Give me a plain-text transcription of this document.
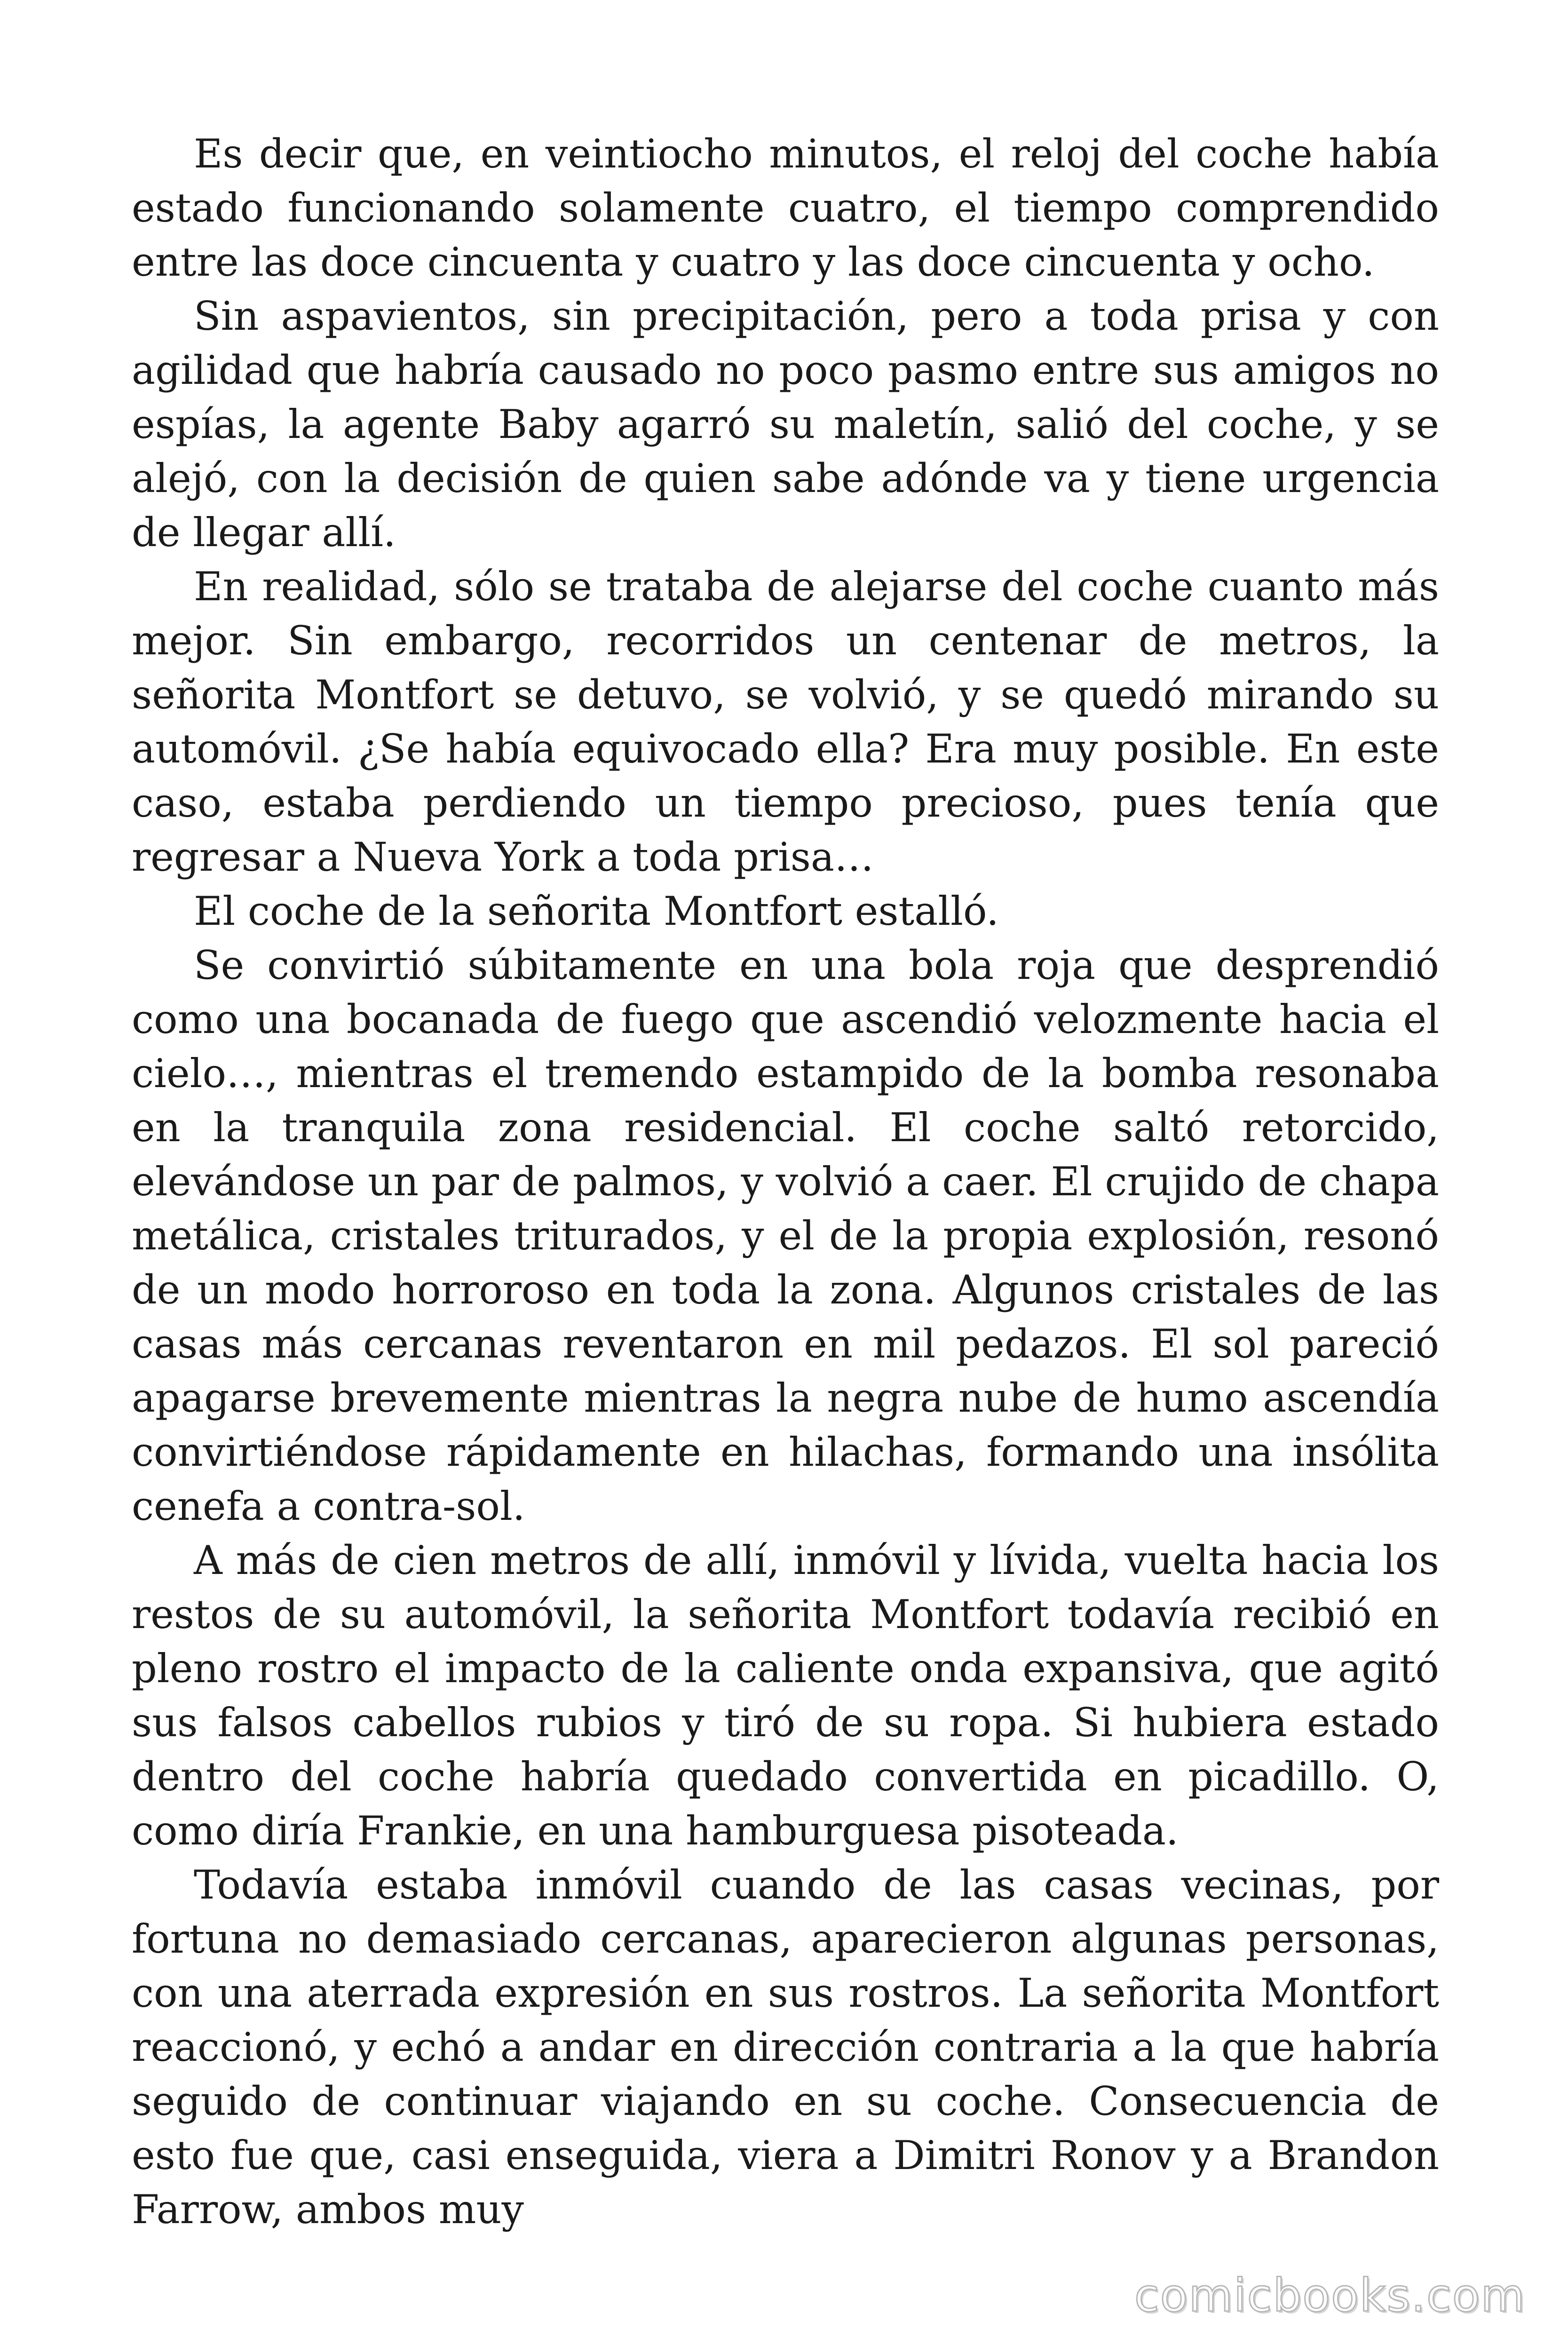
Es decir que, en veintiocho minutos, el reloj del coche había estado funcionando solamente cuatro, el tiempo comprendido entre las doce cincuenta y cuatro y las doce cincuenta y ocho.

Sin aspavientos, sin precipitación, pero a toda prisa y con agilidad que habría causado no poco pasmo entre sus amigos no espías, la agente Baby agarró su maletín, salió del coche, y se alejó, con la decisión de quien sabe adónde va y tiene urgencia de llegar allí.

En realidad, sólo se trataba de alejarse del coche cuanto más mejor. Sin embargo, recorridos un centenar de metros, la señorita Montfort se detuvo, se volvió, y se quedó mirando su automóvil. ¿Se había equivocado ella? Era muy posible. En este caso, estaba perdiendo un tiempo precioso, pues tenía que regresar a Nueva York a toda prisa…

El coche de la señorita Montfort estalló.

Se convirtió súbitamente en una bola roja que desprendió como una bocanada de fuego que ascendió velozmente hacia el cielo…, mientras el tremendo estampido de la bomba resonaba en la tranquila zona residencial. El coche saltó retorcido, elevándose un par de palmos, y volvió a caer. El crujido de chapa metálica, cristales triturados, y el de la propia explosión, resonó de un modo horroroso en toda la zona. Algunos cristales de las casas más cercanas reventaron en mil pedazos. El sol pareció apagarse brevemente mientras la negra nube de humo ascendía convirtiéndose rápidamente en hilachas, formando una insólita cenefa a contra-sol.

A más de cien metros de allí, inmóvil y lívida, vuelta hacia los restos de su automóvil, la señorita Montfort todavía recibió en pleno rostro el impacto de la caliente onda expansiva, que agitó sus falsos cabellos rubios y tiró de su ropa. Si hubiera estado dentro del coche habría quedado convertida en picadillo. O, como diría Frankie, en una hamburguesa pisoteada.

Todavía estaba inmóvil cuando de las casas vecinas, por fortuna no demasiado cercanas, aparecieron algunas personas, con una aterrada expresión en sus rostros. La señorita Montfort reaccionó, y echó a andar en dirección contraria a la que habría seguido de continuar viajando en su coche. Consecuencia de esto fue que, casi enseguida, viera a Dimitri Ronov y a Brandon Farrow, ambos muy

comicbooks.com
